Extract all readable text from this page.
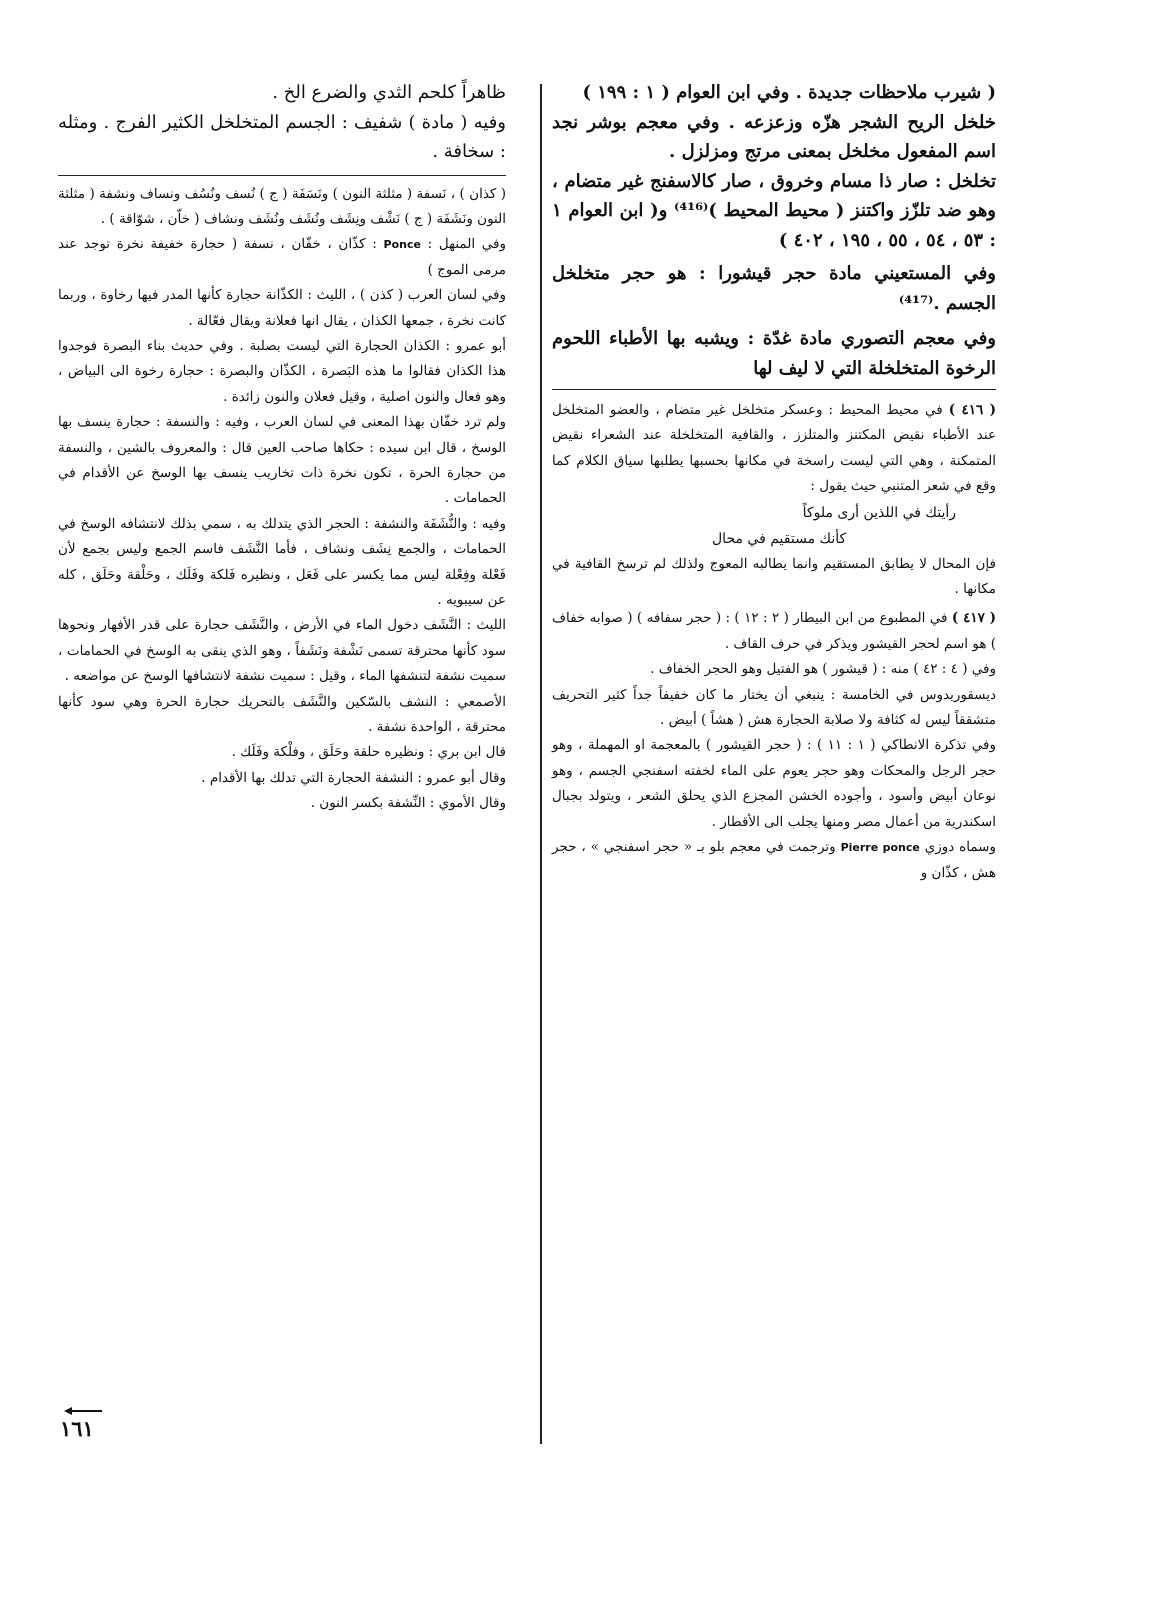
( شيرب ملاحظات جديدة . وفي ابن العوام ( ١ : ١٩٩ )

خلخل الريح الشجر هزّه وزعزعه . وفي معجم بوشر نجد اسم المفعول مخلخل بمعنى مرتج ومزلزل .

تخلخل : صار ذا مسام وخروق ، صار كالاسفنج غير متضام ، وهو ضد تلزّز واكتنز ( محيط المحيط )⁽⁴¹⁶⁾ و( ابن العوام ١ : ٥٣ ، ٥٤ ، ٥٥ ، ١٩٥ ، ٤٠٢ )

وفي المستعيني مادة حجر قيشورا : هو حجر متخلخل الجسم .⁽⁴¹⁷⁾

وفي معجم التصوري مادة غدّة : ويشبه بها الأطباء اللحوم الرخوة المتخلخلة التي لا ليف لها

( ٤١٦ ) في محيط المحيط : وعسكر متخلخل غير متضام ، والعضو المتخلخل عند الأطباء نقيض المكتنز والمتلزز ، والقافية المتخلخلة عند الشعراء نقيض المتمكنة ، وهي التي ليست راسخة في مكانها بحسبها يطلبها سياق الكلام كما وقع في شعر المتنبي حيث يقول :

رأيتك في اللذين أرى ملوكاً

كأنك مستقيم في محال

فإن المحال لا يطابق المستقيم وانما يطالبه المعوج ولذلك لم ترسخ القافية في مكانها .

( ٤١٧ ) في المطبوع من ابن البيطار ( ٢ : ١٢ ) : ( حجر سفافه ) ( صوابه خفاف ) هو اسم لحجر القيشور ويذكر في حرف القاف .

وفي ( ٤ : ٤٢ ) منه : ( قيشور ) هو الفتيل وهو الحجر الخفاف .

ديسقوريدوس في الخامسة : ينبغي أن يختار ما كان خفيفاً جداً كثير التحريف متشققاً ليس له كثافة ولا صلابة الحجارة هش ( هشاً ) أبيض .

وفي تذكرة الانطاكي ( ١ : ١١ ) : ( حجر القيشور ) بالمعجمة او المهملة ، وهو حجر الرجل والمحكات وهو حجر يعوم على الماء لخفته اسفنجي الجسم ، وهو نوعان أبيض وأسود ، وأجوده الخشن المجزع الذي يحلق الشعر ، ويتولد بجبال اسكندرية من أعمال مصر ومنها يجلب الى الأقطار .

وسماه دوزي Pierre ponce وترجمت في معجم بلو بـ « حجر اسفنجي » ، حجر هش ، كذّان و

ظاهراً كلحم الثدي والضرع الخ .

وفيه ( مادة ) شفيف : الجسم المتخلخل الكثير الفرج . ومثله : سخافة .

( كذان ) ، نَسفة ( مثلثة النون ) ونَسَفَة ( ج ) نُسف ونُسُف ونساف ونشفة ( مثلثة النون ونَشَفَة ( ج ) نَشْف ونِشَف ونُشَف ونُشَف ونشاف ( خاّن ، شوّاقة ) .

وفي المنهل : Ponce : كذّان ، خفّان ، نسفة ( حجارة خفيفة نخرة توجد عند مرمى الموج )

وفي لسان العرب ( كذن ) ، الليث : الكذّانة حجارة كأنها المدر فيها رخاوة ، وربما كانت نخرة ، جمعها الكذان ، يقال انها فعلانة ويقال فعّالة .

أبو عمرو : الكذان الحجارة التي ليست بصلبة . وفي حديث بناء البصرة فوجدوا هذا الكذان فقالوا ما هذه البَصرة ، الكذّان والبصرة : حجارة رخوة الى البياض ، وهو فعال والنون اصلية ، وقيل فعلان والنون زائدة .

ولم ترد خفّان بهذا المعنى في لسان العرب ، وفيه : والنسفة : حجارة ينسف بها الوسخ ، قال ابن سيده : حكاها صاحب العين قال : والمعروف بالشين ، والنسفة من حجارة الحرة ، تكون نخرة ذات تخاريب ينسف بها الوسخ عن الأقدام في الحمامات .

وفيه : والنُّشَفَة والنشفة : الحجر الذي يتدلك به ، سمي بذلك لانتشافه الوسخ في الحمامات ، والجمع نِشَف ونشاف ، فأما النَّشَف فاسم الجمع وليس بجمع لأن فَعْلة وفِعْلة ليس مما يكسر على فَعَل ، ونظيره فَلكة وفَلَك ، وحَلْقة وحَلَق ، كله عن سيبويه .

الليث : النَّشَف دخول الماء في الأرض ، والنَّشَف حجارة على قدر الأفهار ونحوها سود كأنها محترقة تسمى نَشْفة ونَشَفاً ، وهو الذي ينقى به الوسخ في الحمامات ، سميت نشفة لتنشفها الماء ، وقيل : سميت نشفة لانتشافها الوسخ عن مواضعه .

الأصمعي : النشف بالسّكين والنَّشَف بالتحريك حجارة الحرة وهي سود كأنها محترقة ، الواحدة نشفة .

قال ابن بري : ونظيره حلقة وحَلَق ، وفلْكة وفَلَك .

وقال أبو عمرو : النشفة الحجارة التي تدلك بها الأقدام .

وقال الأموي : النِّشفة بكسر النون .

١٦١
